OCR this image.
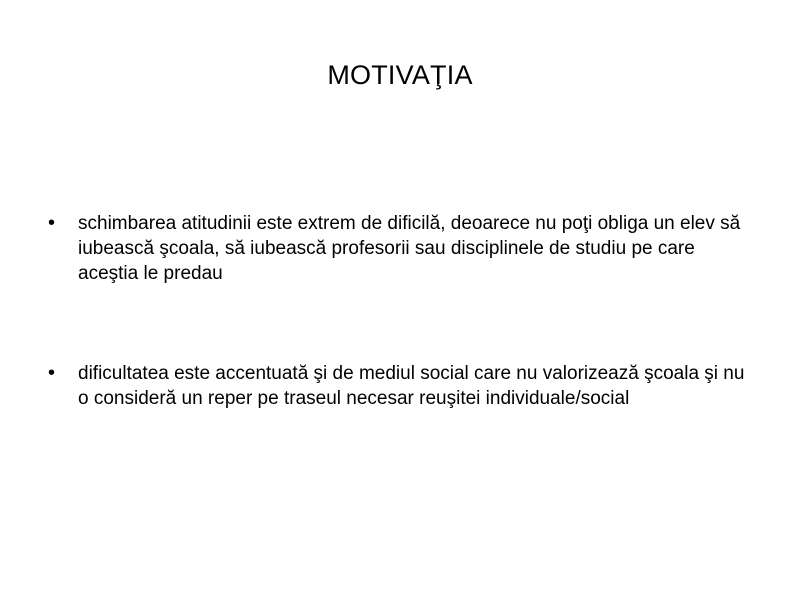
MOTIVAŢIA
• schimbarea atitudinii este extrem de dificilă, deoarece nu poţi obliga un elev să iubească şcoala, să iubească profesorii sau disciplinele de studiu pe care aceştia le predau
• dificultatea este accentuată şi de mediul social care nu valorizează şcoala şi nu o consideră un reper pe traseul necesar reuşitei individuale/social
